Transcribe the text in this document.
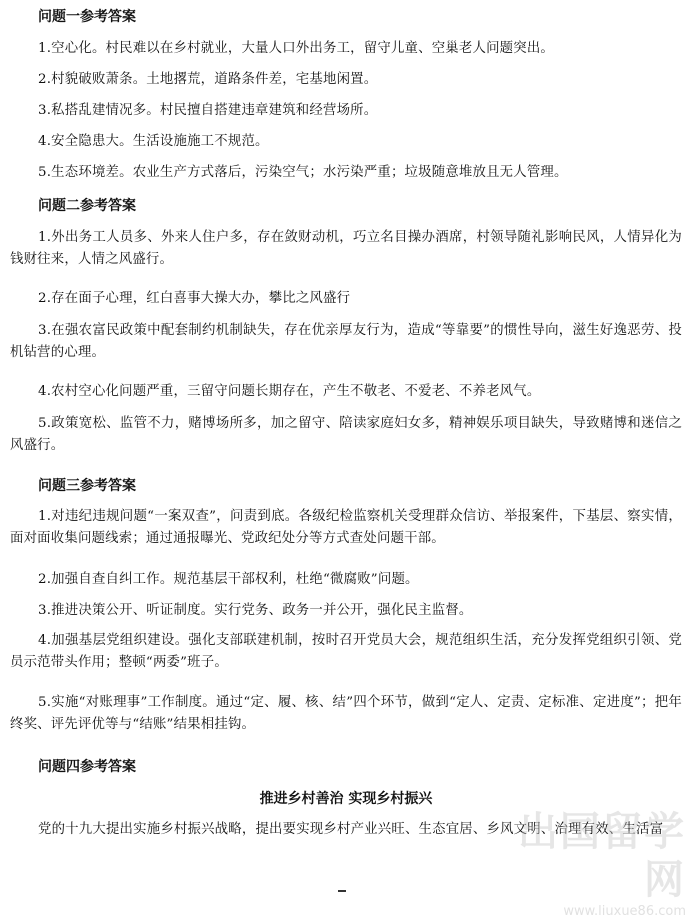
问题一参考答案
1.空心化。村民难以在乡村就业，大量人口外出务工，留守儿童、空巢老人问题突出。
2.村貌破败萧条。土地撂荒，道路条件差，宅基地闲置。
3.私搭乱建情况多。村民擅自搭建违章建筑和经营场所。
4.安全隐患大。生活设施施工不规范。
5.生态环境差。农业生产方式落后，污染空气；水污染严重；垃圾随意堆放且无人管理。
问题二参考答案
1.外出务工人员多、外来人住户多，存在敛财动机，巧立名目操办酒席，村领导随礼影响民风，人情异化为钱财往来，人情之风盛行。
2.存在面子心理，红白喜事大操大办，攀比之风盛行
3.在强农富民政策中配套制约机制缺失，存在优亲厚友行为，造成“等靠要”的惯性导向，滋生好逸恶劳、投机钻营的心理。
4.农村空心化问题严重，三留守问题长期存在，产生不敬老、不爱老、不养老风气。
5.政策宽松、监管不力，赌博场所多，加之留守、陪读家庭妇女多，精神娱乐项目缺失，导致赌博和迷信之风盛行。
问题三参考答案
1.对违纪违规问题“一案双查”，问责到底。各级纪检监察机关受理群众信访、举报案件，下基层、察实情，面对面收集问题线索；通过通报曝光、党政纪处分等方式查处问题干部。
2.加强自查自纠工作。规范基层干部权利，杜绝“微腐败”问题。
3.推进决策公开、听证制度。实行党务、政务一并公开，强化民主监督。
4.加强基层党组织建设。强化支部联建机制，按时召开党员大会，规范组织生活，充分发挥党组织引领、党员示范带头作用；整顿“两委”班子。
5.实施“对账理事”工作制度。通过“定、履、核、结”四个环节，做到“定人、定责、定标准、定进度”；把年终奖、评先评优等与“结账”结果相挂钩。
问题四参考答案
推进乡村善治 实现乡村振兴
党的十九大提出实施乡村振兴战略，提出要实现乡村产业兴旺、生态宜居、乡风文明、治理有效、生活富
出国留学网
www.liuxue86.com
